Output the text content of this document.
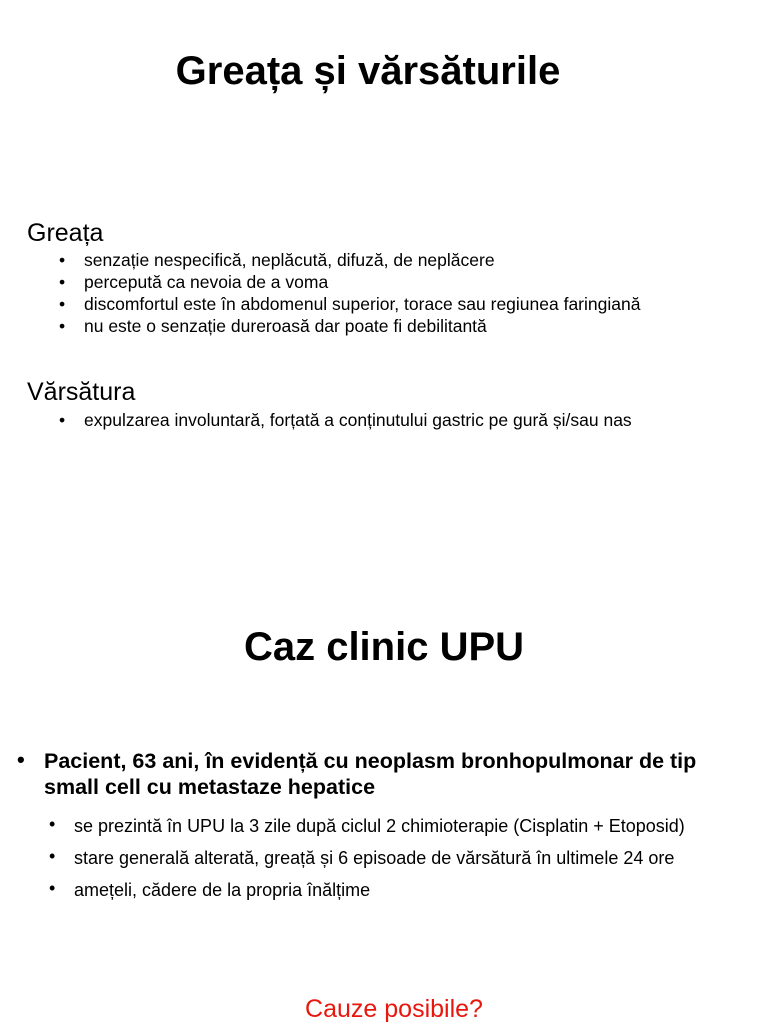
Greața și vărsăturile
Greața
• senzație nespecifică, neplăcută, difuză, de neplăcere
• percepută ca nevoia de a voma
• discomfortul este în abdomenul superior, torace sau regiunea faringiană
• nu este o senzație dureroasă dar poate fi debilitantă
Vărsătura
• expulzarea involuntară, forțată a conținutului gastric pe gură și/sau nas
Caz clinic UPU
• Pacient, 63 ani, în evidență cu neoplasm bronhopulmonar de tip small cell cu metastaze hepatice
• se prezintă în UPU la 3 zile după ciclul 2 chimioterapie (Cisplatin + Etoposid)
• stare generală alterată, greață și 6 episoade de vărsătură în ultimele 24 ore
• amețeli, cădere de la propria înălțime
Cauze posibile?
